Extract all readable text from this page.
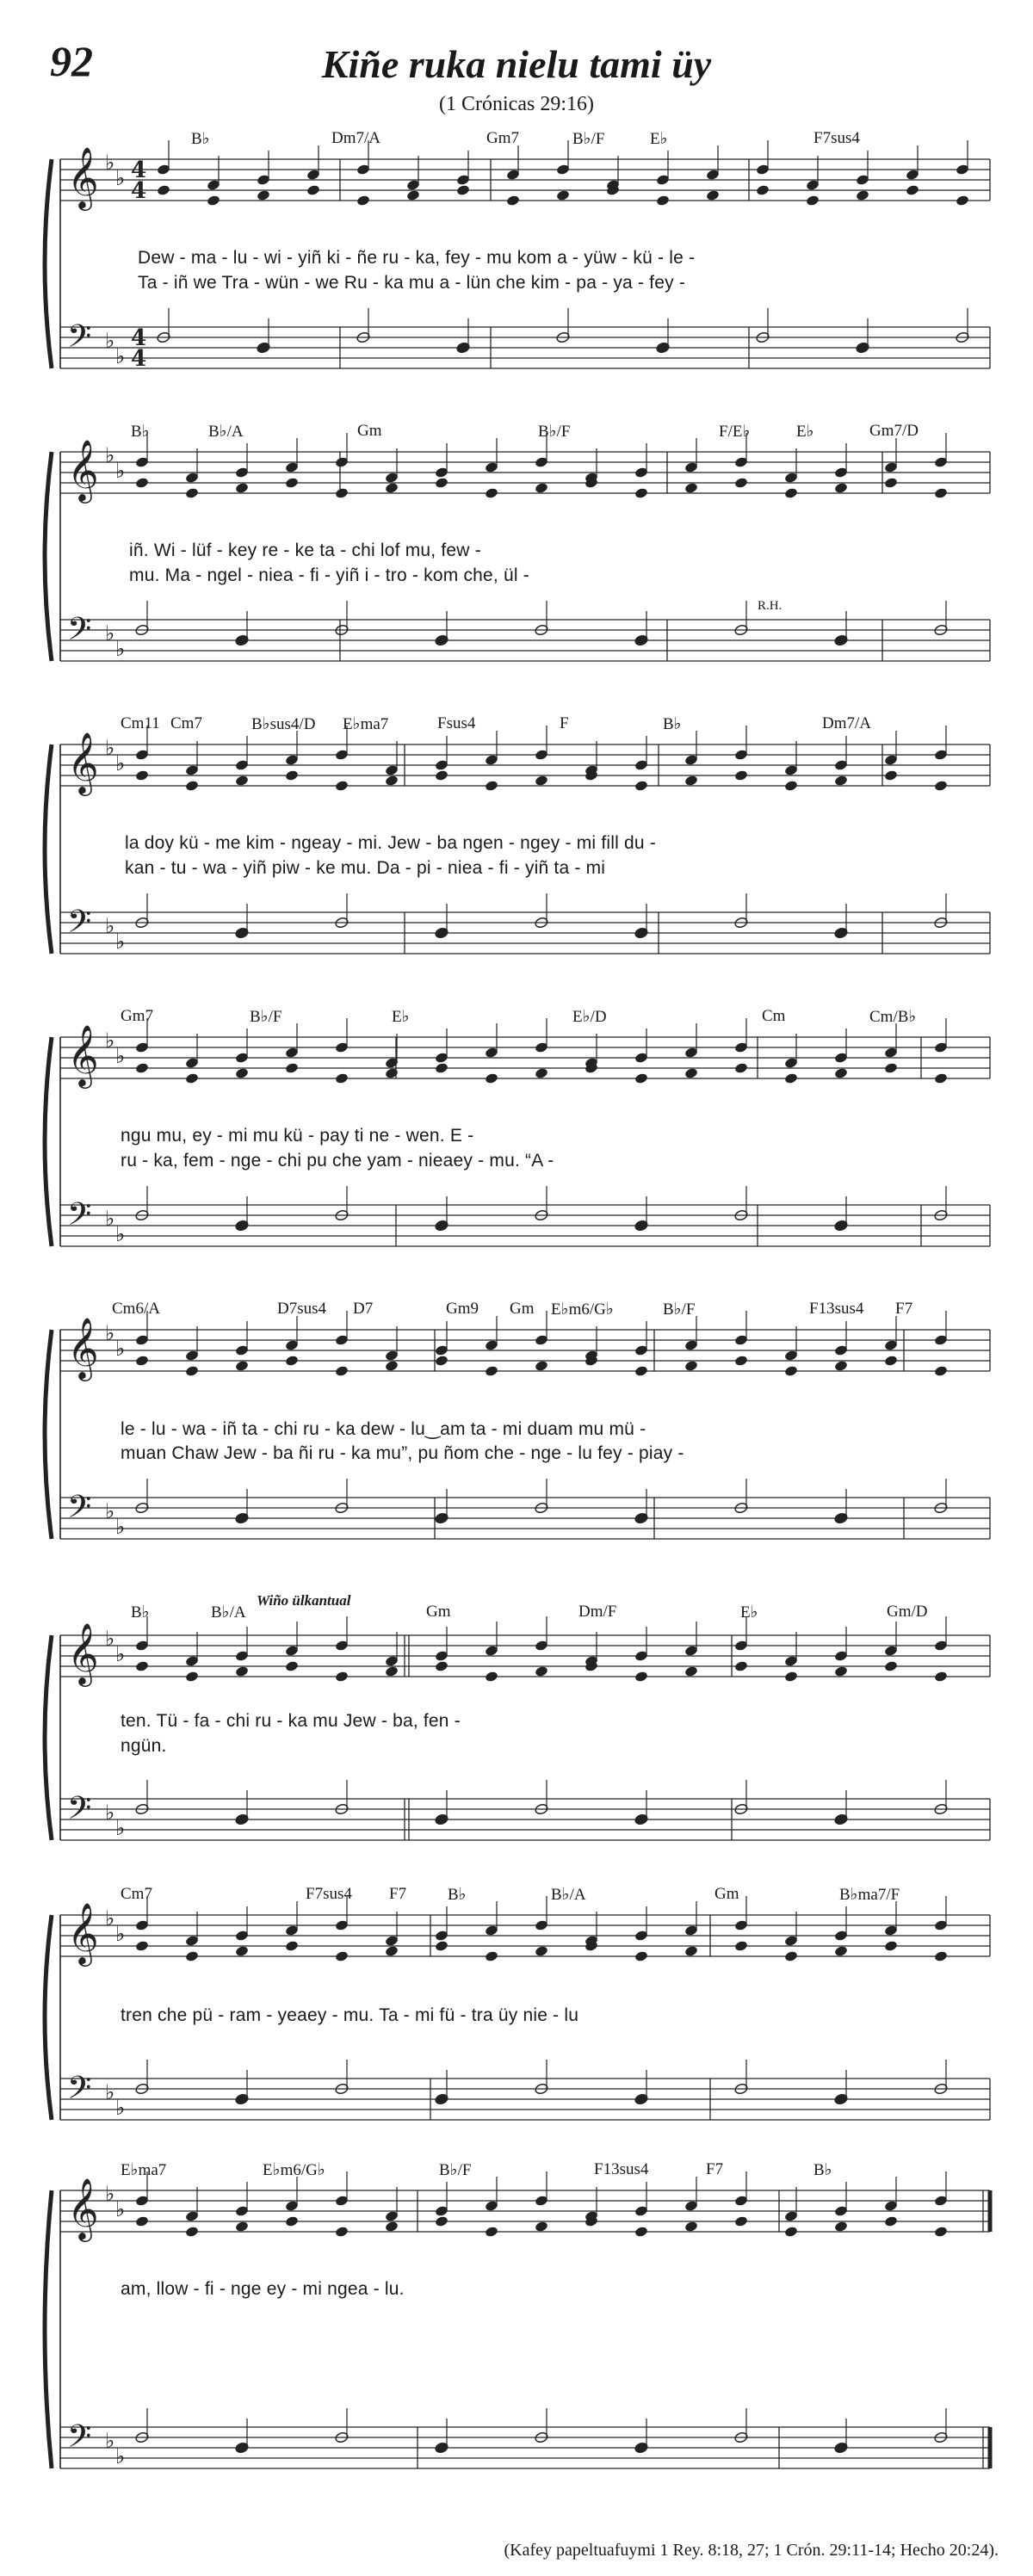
92	Kiñe ruka nielu tami üy
(1 Crónicas 29:16)
𝄞 ♭
♭
𝄢 ♭
♭
4
4
4
4
B♭	Dm7/A	Gm7	B♭/F	E♭	F7sus4
Dew - ma - lu - wi - yiñ ki - ñe ru - ka, fey - mu kom a - yüw - kü - le -
Ta - iñ we Tra - wün - we Ru - ka mu a - lün che kim - pa - ya - fey -
𝄞 ♭
♭
𝄢 ♭
♭
B♭	B♭/A	Gm	B♭/F	F/E♭	E♭	Gm7/D
iñ. Wi - lüf - key re - ke ta - chi lof mu, few -
mu. Ma - ngel - niea - fi - yiñ i - tro - kom che, ül -
R.H.
𝄞 ♭
♭
𝄢 ♭
♭
Cm11 Cm7	B♭sus4/D E♭ma7	Fsus4	F	B♭	Dm7/A
la doy kü - me kim - ngeay - mi. Jew - ba ngen - ngey - mi fill du -
kan - tu - wa - yiñ piw - ke mu. Da - pi - niea - fi - yiñ ta - mi
𝄞 ♭
♭
𝄢 ♭
♭
Gm7	B♭/F	E♭	E♭/D	Cm	Cm/B♭
ngu mu, ey - mi mu kü - pay ti ne - wen. E -
ru - ka, fem - nge - chi pu che yam - nieaey - mu. “A -
𝄞 ♭
♭
𝄢 ♭
♭
Cm6/A	D7sus4 D7	Gm9 Gm E♭m6/G♭	B♭/F	F13sus4 F7
le - lu - wa - iñ ta - chi ru - ka dew - lu‿am ta - mi duam mu mü -
muan Chaw Jew - ba ñi ru - ka mu”, pu ñom che - nge - lu fey - piay -
𝄞 ♭
♭
𝄢 ♭
♭
B♭	B♭/A
Wiño ülkantual
Gm	Dm/F	E♭	Gm/D
ten. Tü - fa - chi ru - ka mu Jew - ba, fen -
ngün.
𝄞 ♭
♭
𝄢 ♭
♭
Cm7	F7sus4 F7	B♭	B♭/A	Gm	B♭ma7/F
tren che pü - ram - yeaey - mu. Ta - mi fü - tra üy nie - lu
𝄞 ♭
♭
𝄢 ♭
♭
E♭ma7	E♭m6/G♭	B♭/F	F13sus4	F7	B♭
am, llow - fi - nge ey - mi ngea - lu.
(Kafey papeltuafuymi 1 Rey. 8:18, 27; 1 Crón. 29:11-14; Hecho 20:24).
